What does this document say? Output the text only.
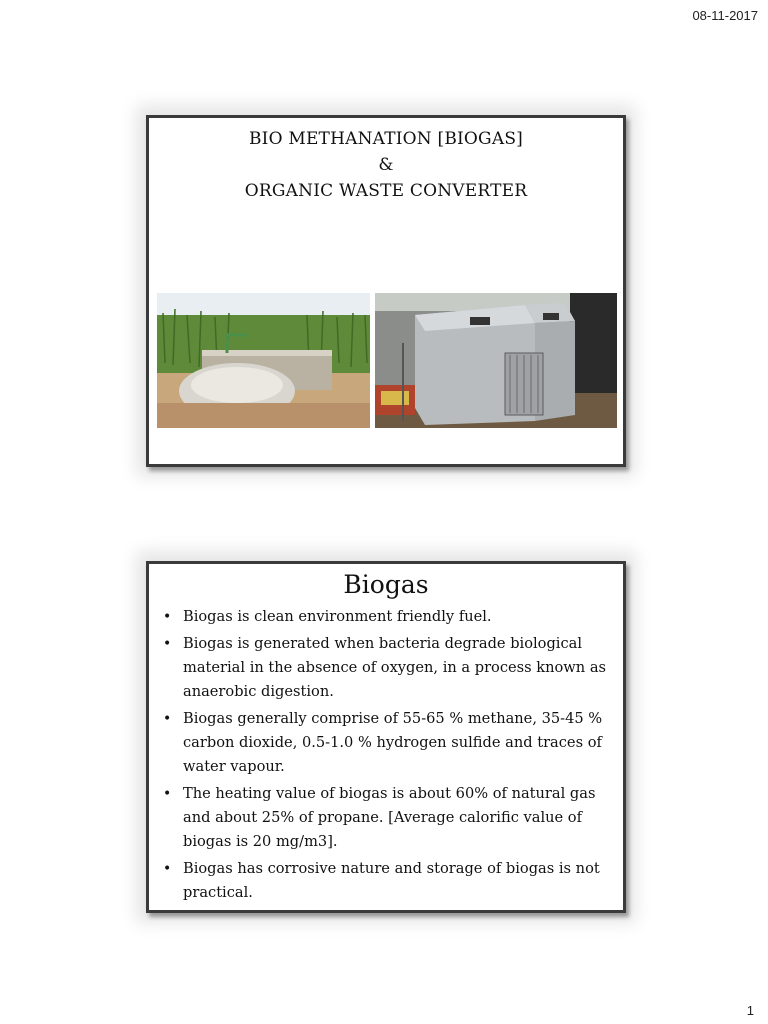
08-11-2017
BIO METHANATION [BIOGAS]
&
ORGANIC WASTE CONVERTER
Biogas
• Biogas is clean environment friendly fuel.
• Biogas is generated when bacteria degrade biological material in the absence of oxygen, in a process known as anaerobic digestion.
• Biogas generally comprise of 55-65 % methane, 35-45 % carbon dioxide, 0.5-1.0 % hydrogen sulfide and traces of water vapour.
• The heating value of biogas is about 60% of natural gas and about 25% of propane. [Average calorific value of biogas is 20 mg/m3].
• Biogas has corrosive nature and storage of biogas is not practical.
1
